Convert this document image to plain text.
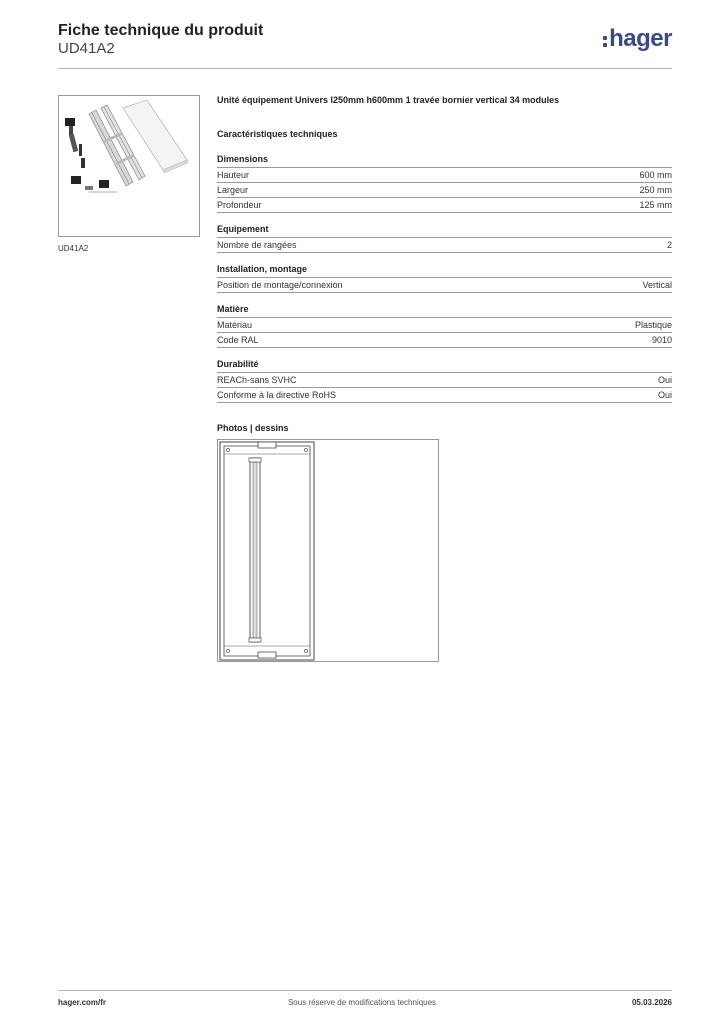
Fiche technique du produit
UD41A2	hager
UD41A2
Unité équipement Univers l250mm h600mm 1 travée bornier vertical 34 modules
Caractéristiques techniques
Dimensions
Hauteur	600 mm
Largeur	250 mm
Profondeur	125 mm
Equipement
Nombre de rangées	2
Installation, montage
Position de montage/connexion	Vertical
Matière
Matériau	Plastique
Code RAL	9010
Durabilité
REACh-sans SVHC	Oui
Conforme à la directive RoHS	Oui
Photos | dessins
hager.com/fr	Sous réserve de modifications techniques	05.03.2026
